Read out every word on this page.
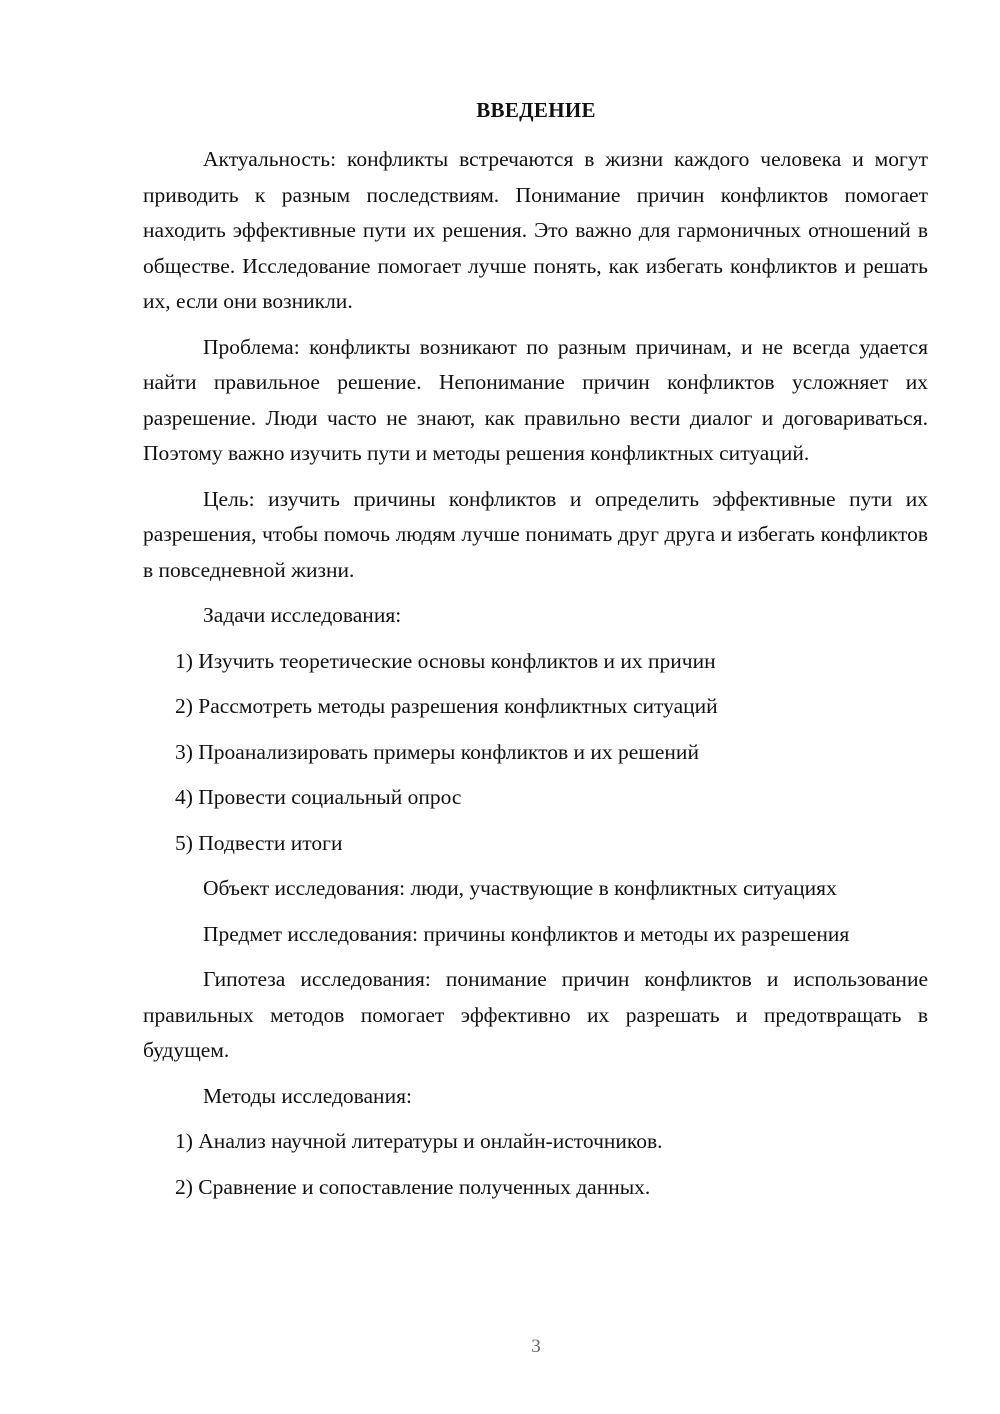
ВВЕДЕНИЕ

Актуальность: конфликты встречаются в жизни каждого человека и могут приводить к разным последствиям. Понимание причин конфликтов помогает находить эффективные пути их решения. Это важно для гармоничных отношений в обществе. Исследование помогает лучше понять, как избегать конфликтов и решать их, если они возникли.

Проблема: конфликты возникают по разным причинам, и не всегда удается найти правильное решение. Непонимание причин конфликтов усложняет их разрешение. Люди часто не знают, как правильно вести диалог и договариваться. Поэтому важно изучить пути и методы решения конфликтных ситуаций.

Цель: изучить причины конфликтов и определить эффективные пути их разрешения, чтобы помочь людям лучше понимать друг друга и избегать конфликтов в повседневной жизни.

Задачи исследования:

1) Изучить теоретические основы конфликтов и их причин

2) Рассмотреть методы разрешения конфликтных ситуаций

3) Проанализировать примеры конфликтов и их решений

4) Провести социальный опрос

5) Подвести итоги

Объект исследования: люди, участвующие в конфликтных ситуациях

Предмет исследования: причины конфликтов и методы их разрешения

Гипотеза исследования: понимание причин конфликтов и использование правильных методов помогает эффективно их разрешать и предотвращать в будущем.

Методы исследования:

1) Анализ научной литературы и онлайн-источников.

2) Сравнение и сопоставление полученных данных.

3
